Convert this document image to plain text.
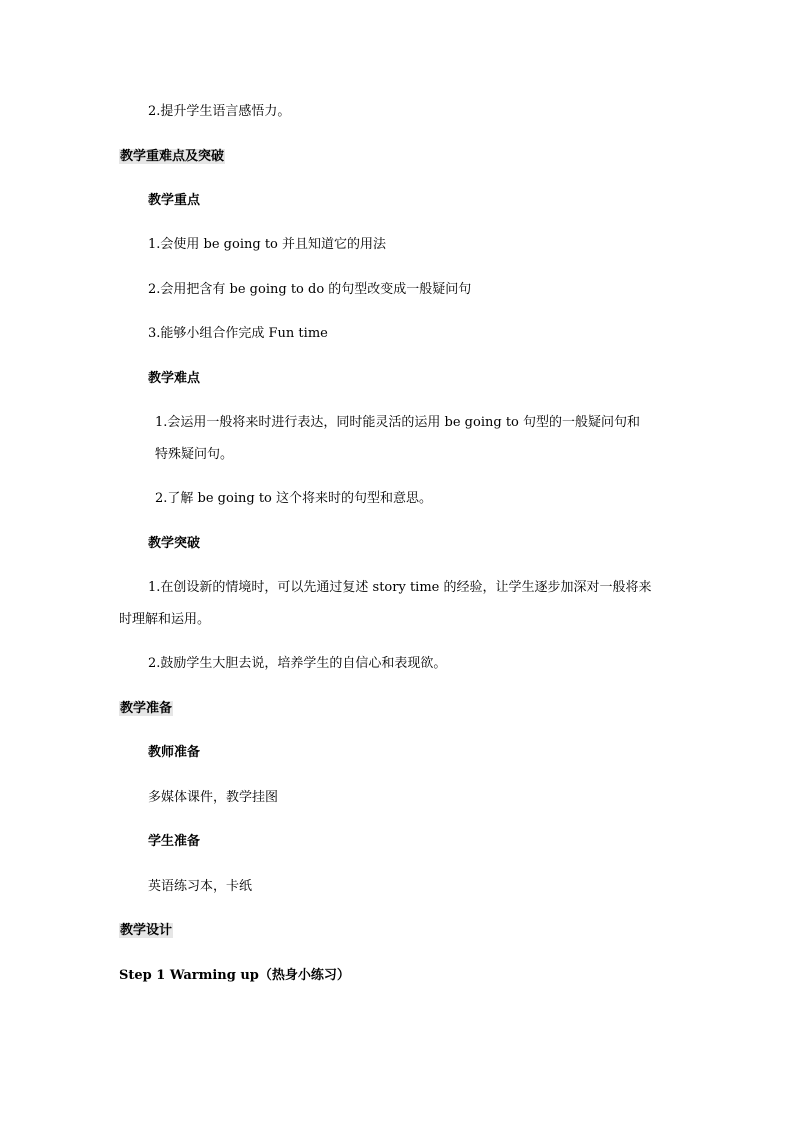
2.提升学生语言感悟力。
教学重难点及突破
教学重点
1.会使用 be going to 并且知道它的用法
2.会用把含有 be going to do 的句型改变成一般疑问句
3.能够小组合作完成 Fun time
教学难点
1.会运用一般将来时进行表达，同时能灵活的运用 be going to 句型的一般疑问句和
特殊疑问句。
2.了解 be going to 这个将来时的句型和意思。
教学突破
1.在创设新的情境时，可以先通过复述 story time 的经验，让学生逐步加深对一般将来
时理解和运用。
2.鼓励学生大胆去说，培养学生的自信心和表现欲。
教学准备
教师准备
多媒体课件，教学挂图
学生准备
英语练习本，卡纸
教学设计
Step 1 Warming up（热身小练习）
